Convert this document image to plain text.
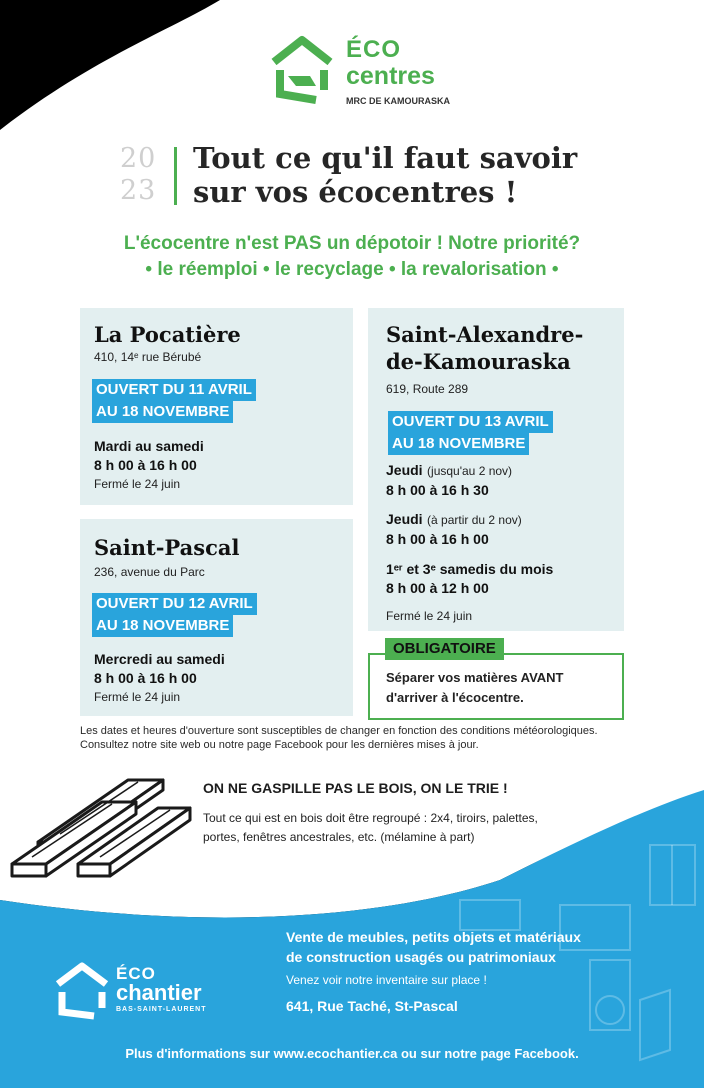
ÉCO
centres
MRC DE KAMOURASKA
20
23
Tout ce qu'il faut savoir
sur vos écocentres !
L'écocentre n'est PAS un dépotoir ! Notre priorité?
• le réemploi • le recyclage • la revalorisation •
La Pocatière
410, 14ᵉ rue Bérubé
OUVERT DU 11 AVRIL
AU 18 NOVEMBRE
Mardi au samedi
8 h 00 à 16 h 00
Fermé le 24 juin
Saint-Pascal
236, avenue du Parc
OUVERT DU 12 AVRIL
AU 18 NOVEMBRE
Mercredi au samedi
8 h 00 à 16 h 00
Fermé le 24 juin
Saint-Alexandre-
de-Kamouraska
619, Route 289
OUVERT DU 13 AVRIL
AU 18 NOVEMBRE
Jeudi (jusqu'au 2 nov)
8 h 00 à 16 h 30
Jeudi (à partir du 2 nov)
8 h 00 à 16 h 00
1ᵉʳ et 3ᵉ samedis du mois
8 h 00 à 12 h 00
Fermé le 24 juin
OBLIGATOIRE
Séparer vos matières AVANT
d'arriver à l'écocentre.
Les dates et heures d'ouverture sont susceptibles de changer en fonction des conditions météorologiques.
Consultez notre site web ou notre page Facebook pour les dernières mises à jour.
ON NE GASPILLE PAS LE BOIS, ON LE TRIE !
Tout ce qui est en bois doit être regroupé : 2x4, tiroirs, palettes,
portes, fenêtres ancestrales, etc. (mélamine à part)
ÉCO
chantier
BAS-SAINT-LAURENT
Vente de meubles, petits objets et matériaux
de construction usagés ou patrimoniaux
Venez voir notre inventaire sur place !
641, Rue Taché, St-Pascal
Plus d'informations sur www.ecochantier.ca ou sur notre page Facebook.
